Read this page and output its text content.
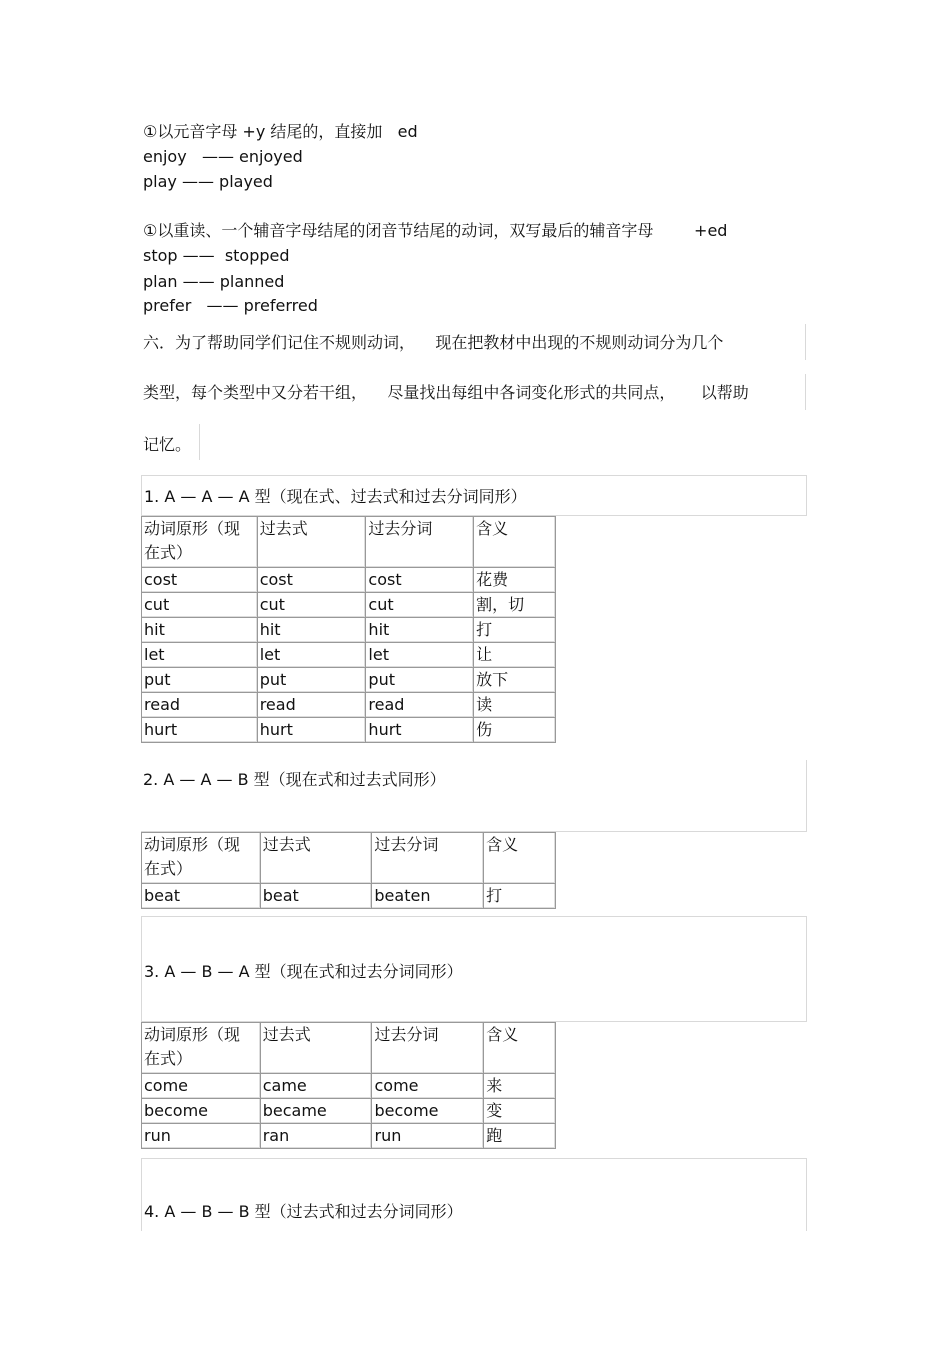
①以元音字母 +y 结尾的，直接加   ed
enjoy   —— enjoyed
play —— played
①以重读、一个辅音字母结尾的闭音节结尾的动词，双写最后的辅音字母        +ed
stop ——  stopped
plan —— planned
prefer   —— preferred
六．为了帮助同学们记住不规则动词，    现在把教材中出现的不规则动词分为几个
类型，每个类型中又分若干组，    尽量找出每组中各词变化形式的共同点，     以帮助
记忆。
1. A — A — A 型（现在式、过去式和过去分词同形）
动词原形（现
在式）	过去式	过去分词	含义
cost	cost	cost	花费
cut	cut	cut	割，切
hit	hit	hit	打
let	let	let	让
put	put	put	放下
read	read	read	读
hurt	hurt	hurt	伤
2. A — A — B 型（现在式和过去式同形）
动词原形（现
在式）	过去式	过去分词	含义
beat	beat	beaten	打
3. A — B — A 型（现在式和过去分词同形）
动词原形（现
在式）	过去式	过去分词	含义
come	came	come	来
become	became	become	变
run	ran	run	跑
4. A — B — B 型（过去式和过去分词同形）
